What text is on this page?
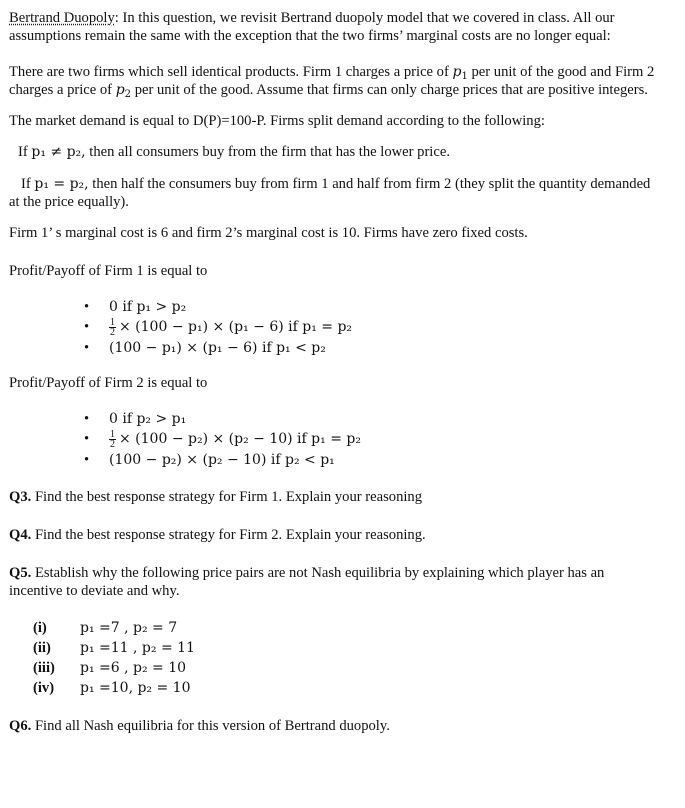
Bertrand Duopoly: In this question, we revisit Bertrand duopoly model that we covered in class. All our assumptions remain the same with the exception that the two firms’ marginal costs are no longer equal:

There are two firms which sell identical products. Firm 1 charges a price of $p_1$ per unit of the good and Firm 2 charges a price of $p_2$ per unit of the good. Assume that firms can only charge prices that are positive integers.

The market demand is equal to D(P)=100-P. Firms split demand according to the following:

If p₁ ≠ p₂, then all consumers buy from the firm that has the lower price.

If p₁ = p₂, then half the consumers buy from firm 1 and half from firm 2 (they split the quantity demanded at the price equally).

Firm 1’ s marginal cost is 6 and firm 2’s marginal cost is 10. Firms have zero fixed costs.

Profit/Payoff of Firm 1 is equal to

• 0 if p₁ > p₂
• $\frac{1}{2} \times (100 - p_1) \times (p_1 - 6)$ if p₁ = p₂
• (100 − p₁) × (p₁ − 6) if p₁ < p₂

Profit/Payoff of Firm 2 is equal to

• 0 if p₂ > p₁
• $\frac{1}{2} \times (100 - p_2) \times (p_2 - 10)$ if p₁ = p₂
• (100 − p₂) × (p₂ − 10) if p₂ < p₁

Q3. Find the best response strategy for Firm 1. Explain your reasoning

Q4. Find the best response strategy for Firm 2. Explain your reasoning.

Q5. Establish why the following price pairs are not Nash equilibria by explaining which player has an incentive to deviate and why.

(i)	p₁ =7 , p₂ = 7
(ii)	p₁ =11 , p₂ = 11
(iii)	p₁ =6 , p₂ = 10
(iv)	p₁ =10, p₂ = 10

Q6. Find all Nash equilibria for this version of Bertrand duopoly.
